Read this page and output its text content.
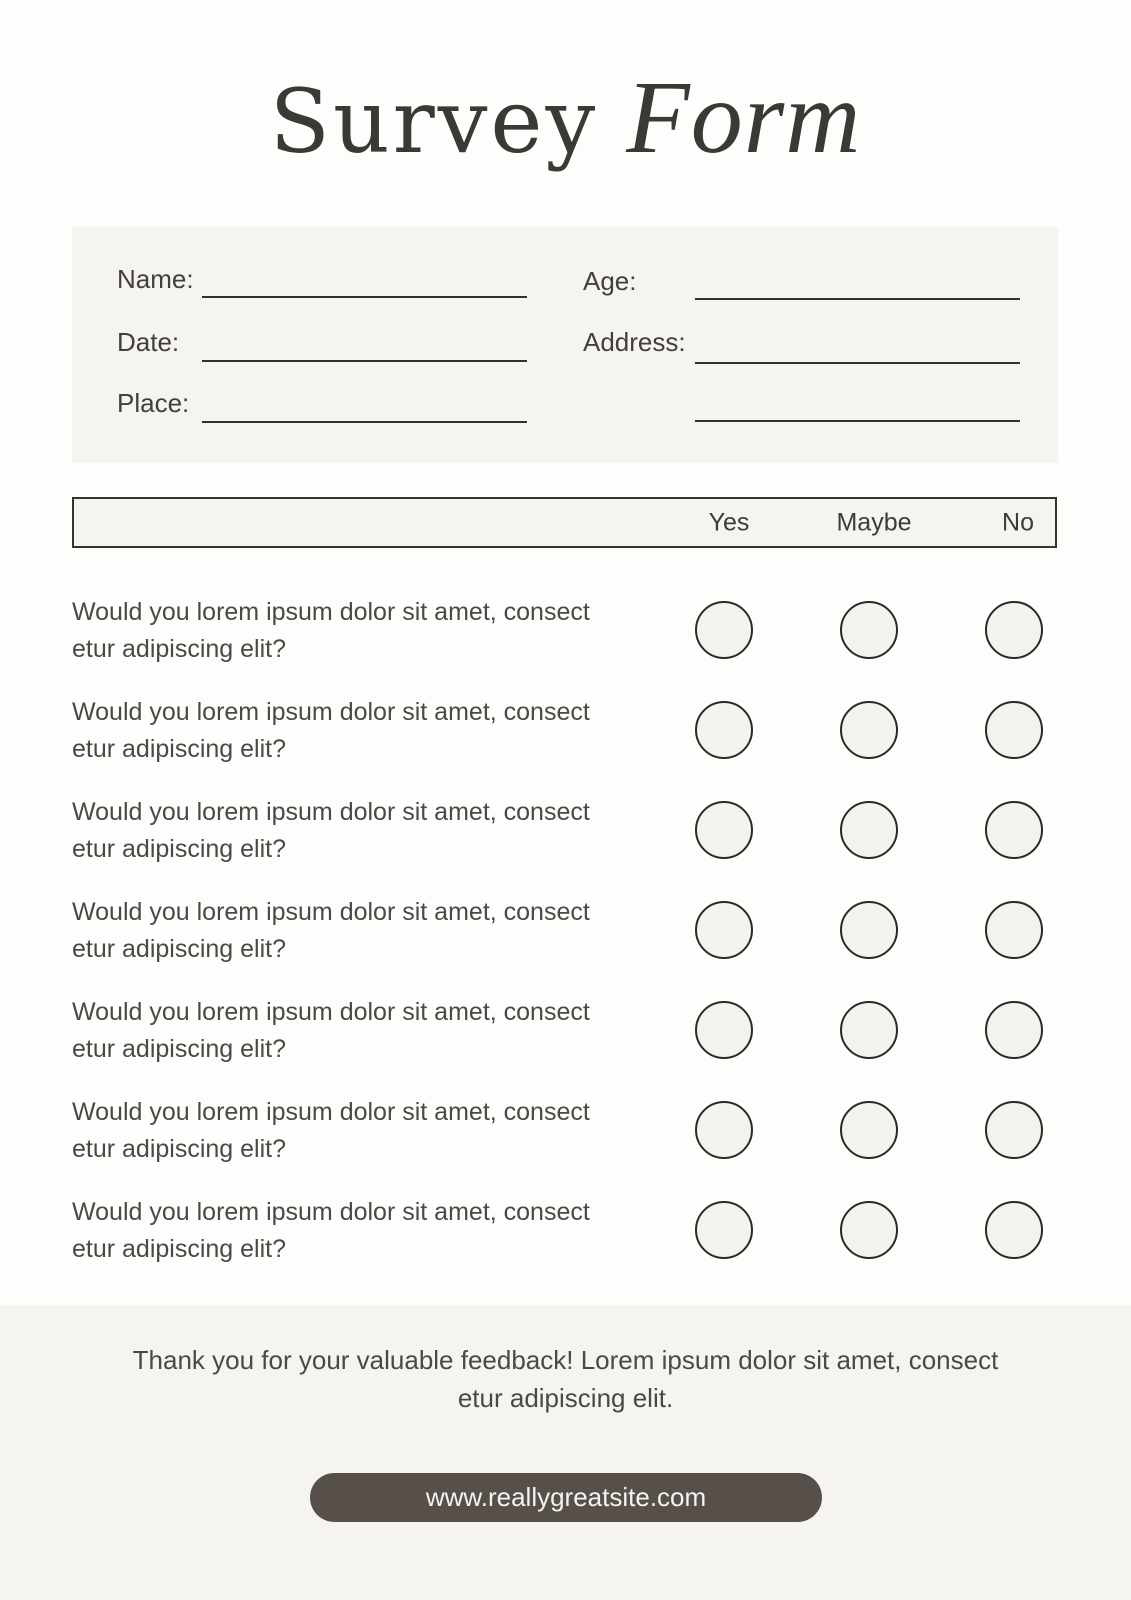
Survey Form
Name:
Date:
Place:
Age:
Address:
Yes	Maybe	No
Would you lorem ipsum dolor sit amet, consect
etur adipiscing elit?
Would you lorem ipsum dolor sit amet, consect
etur adipiscing elit?
Would you lorem ipsum dolor sit amet, consect
etur adipiscing elit?
Would you lorem ipsum dolor sit amet, consect
etur adipiscing elit?
Would you lorem ipsum dolor sit amet, consect
etur adipiscing elit?
Would you lorem ipsum dolor sit amet, consect
etur adipiscing elit?
Would you lorem ipsum dolor sit amet, consect
etur adipiscing elit?
Thank you for your valuable feedback! Lorem ipsum dolor sit amet, consect
etur adipiscing elit.
www.reallygreatsite.com
